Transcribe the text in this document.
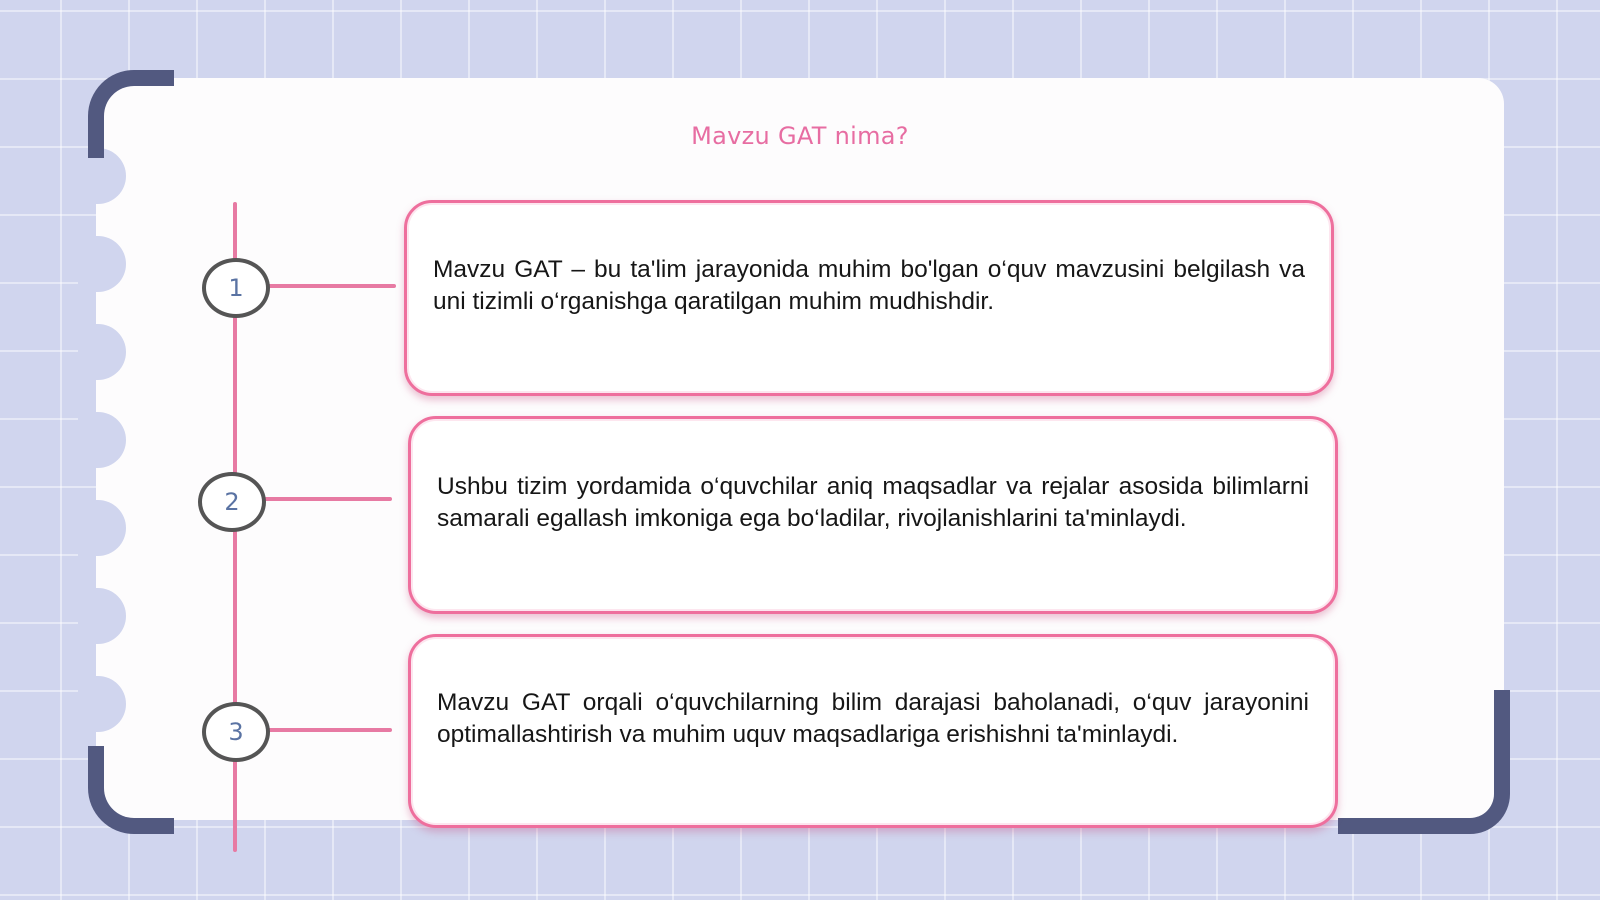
Mavzu GAT nima?
1
2
3

Mavzu GAT – bu ta'lim jarayonida muhim bo'lgan o‘quv mavzusini belgilash va uni tizimli o‘rganishga qaratilgan muhim mudhishdir.

Ushbu tizim yordamida o‘quvchilar aniq maqsadlar va rejalar asosida bilimlarni samarali egallash imkoniga ega bo‘ladilar, rivojlanishlarini ta'minlaydi.

Mavzu GAT orqali o‘quvchilarning bilim darajasi baholanadi, o‘quv jarayonini optimallashtirish va muhim uquv maqsadlariga erishishni ta'minlaydi.
